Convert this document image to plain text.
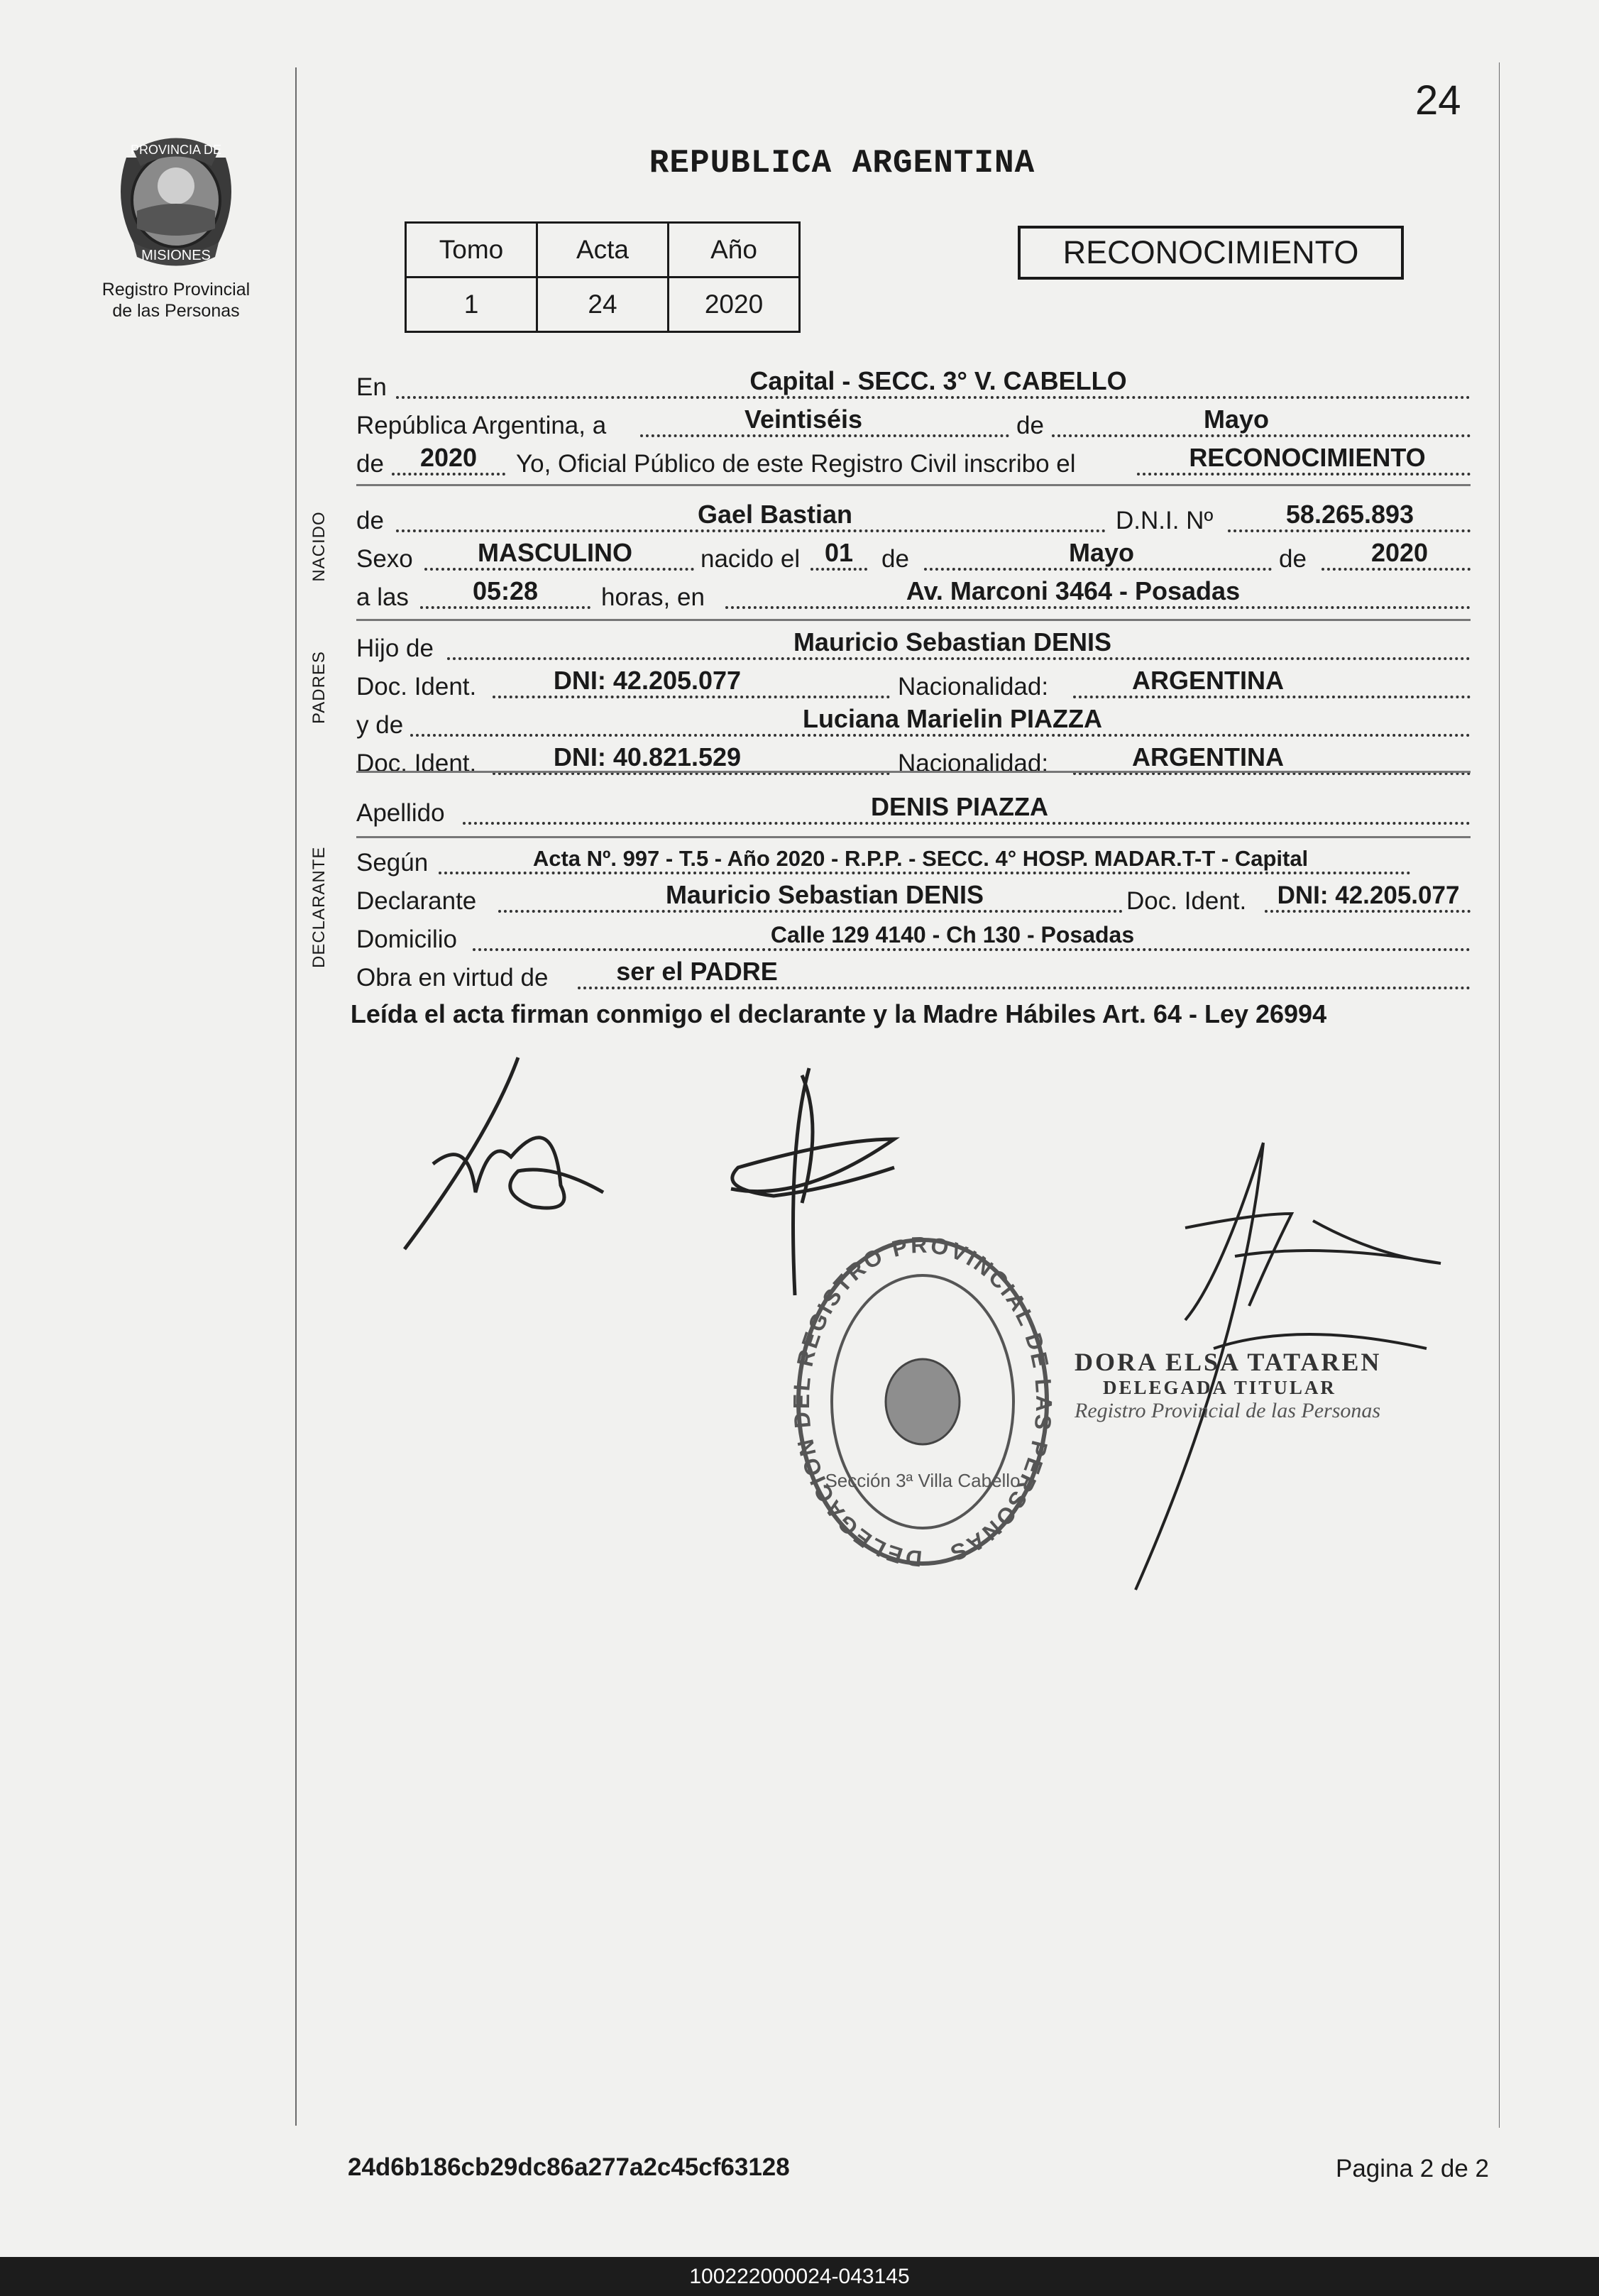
24
PROVINCIA DE
MISIONES
Registro Provincial
de las Personas
REPUBLICA ARGENTINA
Tomo	Acta	Año
1	24	2020
RECONOCIMIENTO
En	Capital - SECC. 3° V. CABELLO
República Argentina, a	Veintiséis	de	Mayo
de	2020	Yo, Oficial Público de este Registro Civil inscribo el	RECONOCIMIENTO
NACIDO de	Gael Bastian	D.N.I. Nº	58.265.893
Sexo	MASCULINO	nacido el 01	de	Mayo	de	2020
a las	05:28	horas, en	Av. Marconi 3464 - Posadas
PADRES
Hijo de	Mauricio Sebastian DENIS
Doc. Ident.	DNI: 42.205.077	Nacionalidad:	ARGENTINA
y de	Luciana Marielin PIAZZA
Doc. Ident.	DNI: 40.821.529	Nacionalidad:	ARGENTINA
Apellido	DENIS PIAZZA
DECLARANTE Según	Acta Nº. 997 - T.5 - Año 2020 - R.P.P. - SECC. 4° HOSP. MADAR.T-T - Capital
Declarante	Mauricio Sebastian DENIS	Doc. Ident.	DNI: 42.205.077
Domicilio	Calle 129 4140 - Ch 130 - Posadas
Obra en virtud de	ser el PADRE
Leída el acta firman conmigo el declarante y la Madre Hábiles Art. 64 - Ley 26994
DELEGACION DEL REGISTRO PROVINCIAL DE LAS PERSONAS
Sección 3ª Villa Cabello
DORA ELSA TATAREN
DELEGADA TITULAR
Registro Provincial de las Personas
24d6b186cb29dc86a277a2c45cf63128	Pagina 2 de 2
100222000024-043145
